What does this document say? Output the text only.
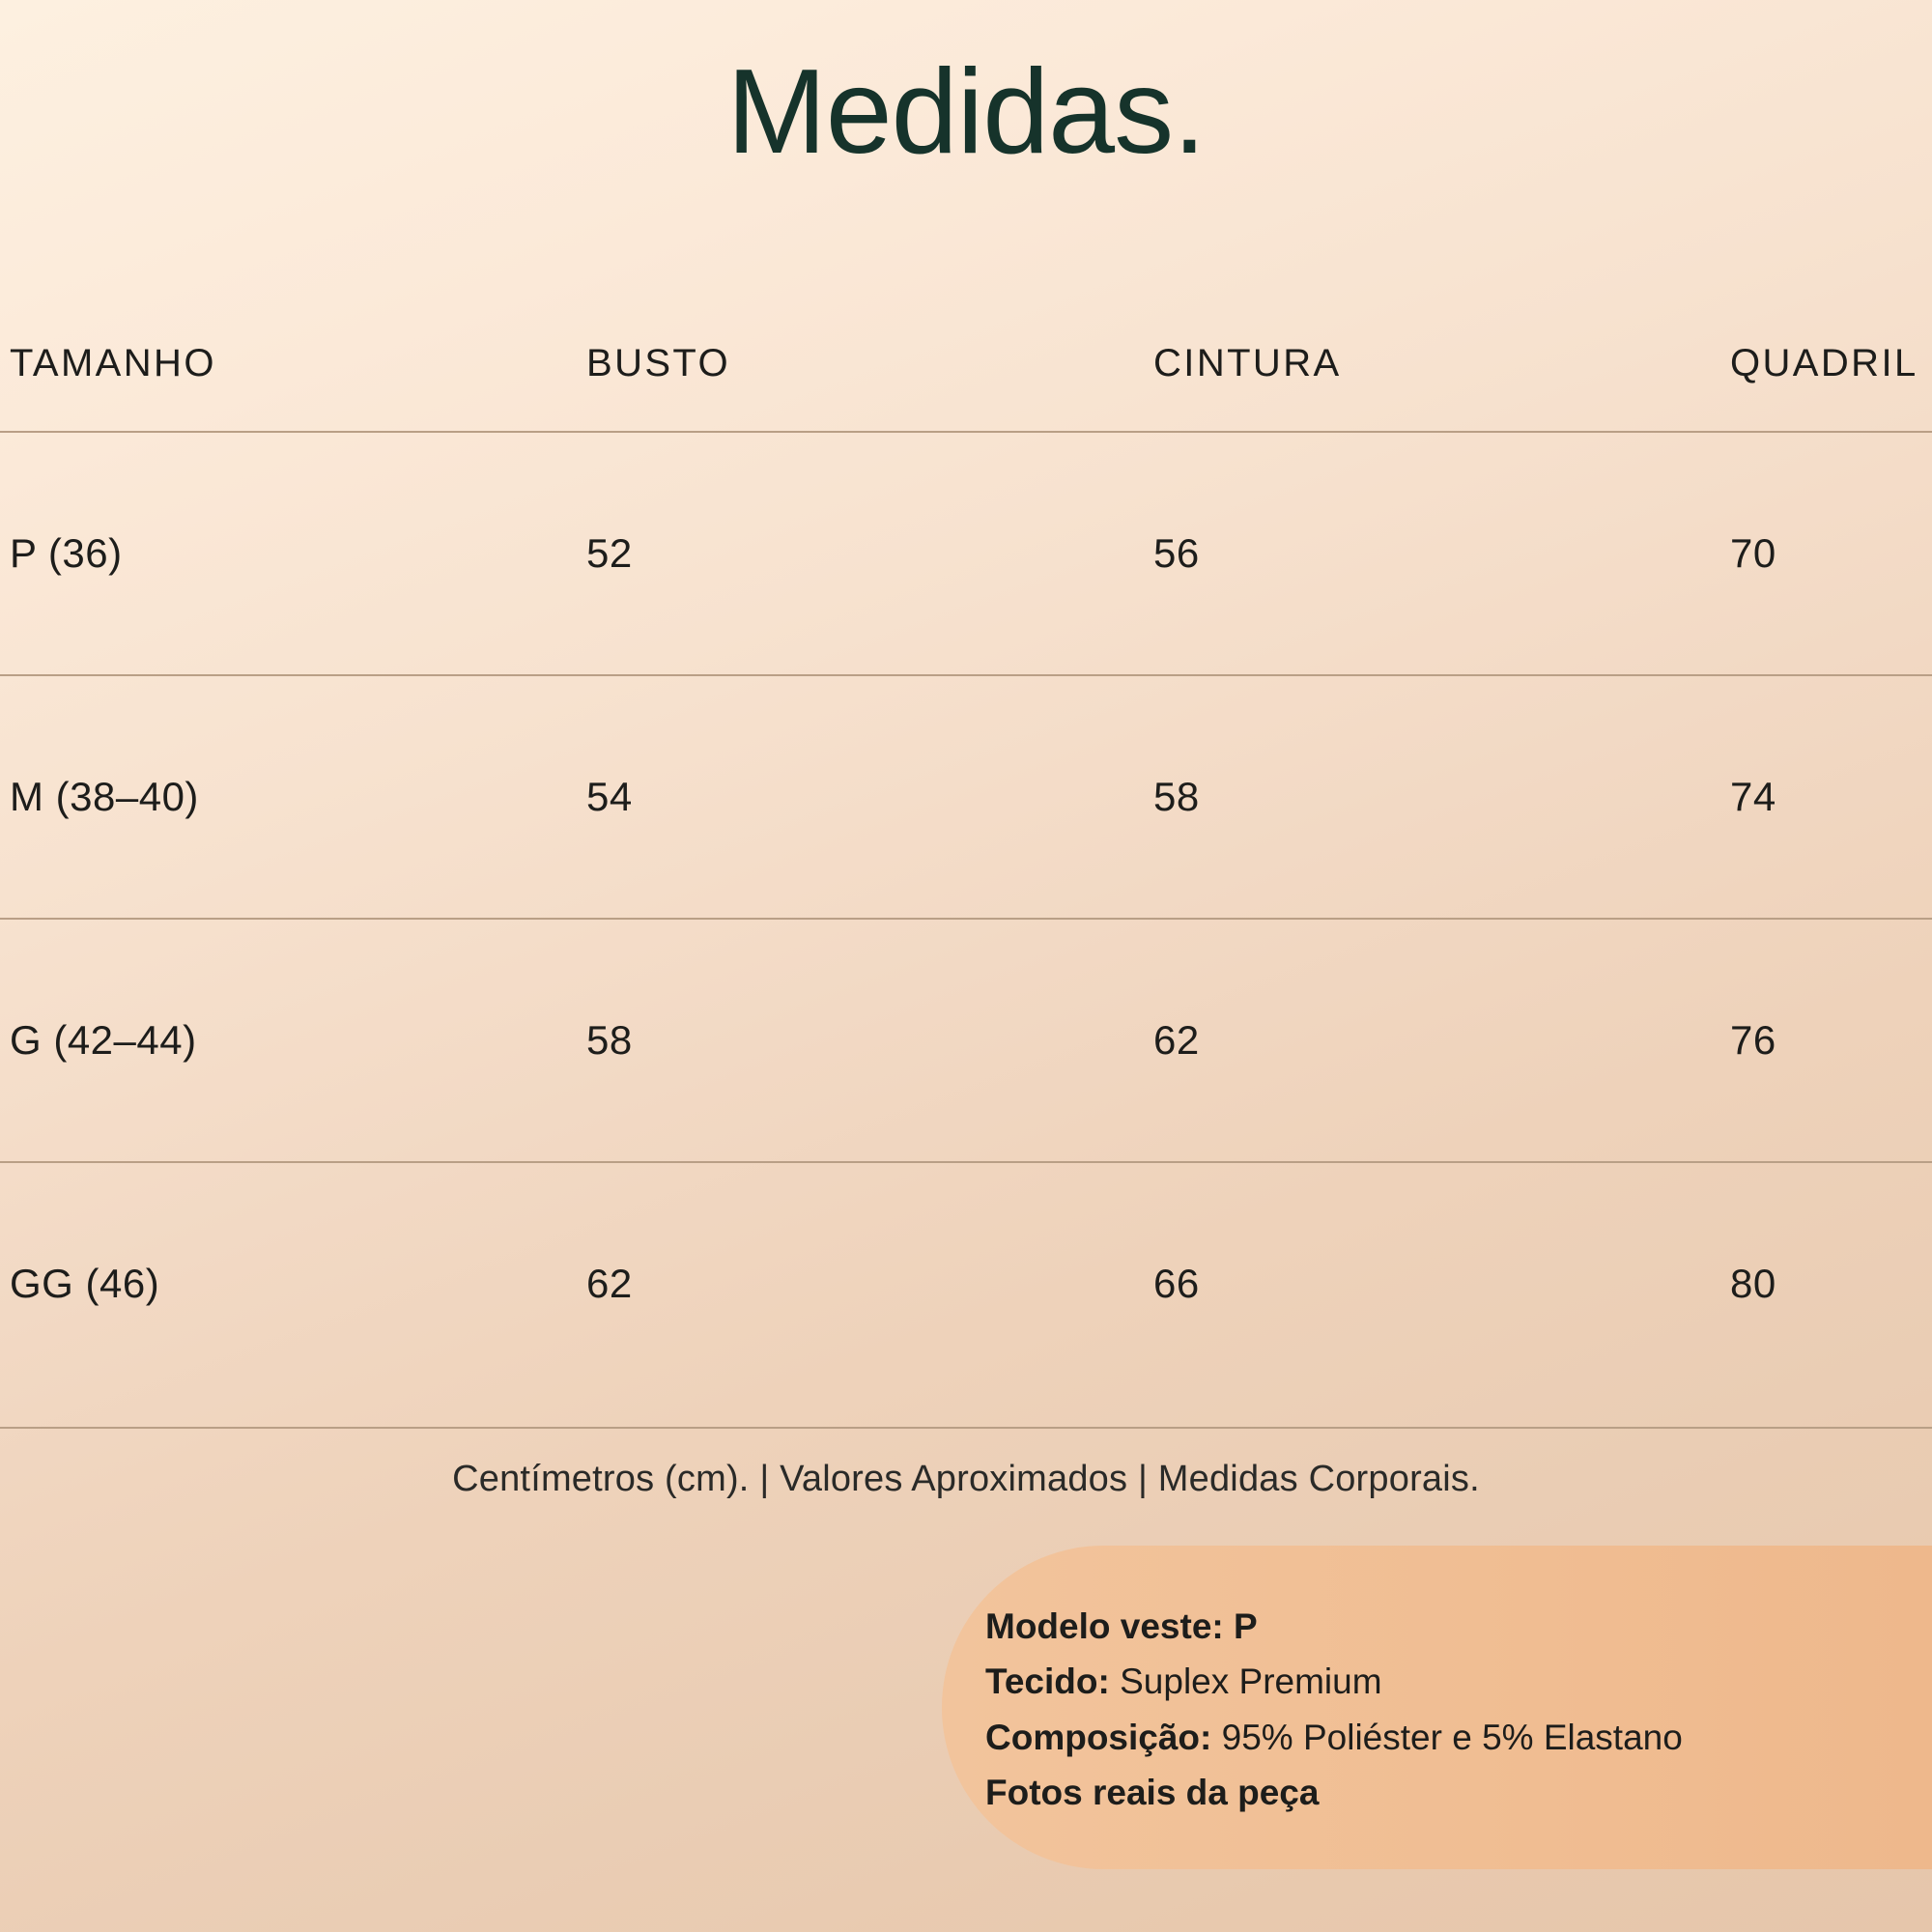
Medidas.
TAMANHO	BUSTO	CINTURA	QUADRIL
P (36)	52	56	70
M (38–40)	54	58	74
G (42–44)	58	62	76
GG (46)	62	66	80
Centímetros (cm). | Valores Aproximados | Medidas Corporais.
Modelo veste: P
Tecido: Suplex Premium
Composição: 95% Poliéster e 5% Elastano
Fotos reais da peça
